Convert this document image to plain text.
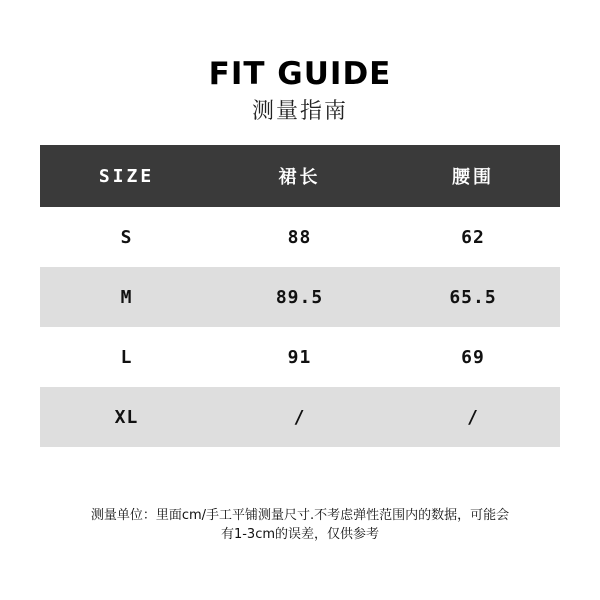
FIT GUIDE
测量指南
SIZE	裙长	腰围
S	88	62
M	89.5	65.5
L	91	69
XL	/	/
测量单位：里面cm/手工平铺测量尺寸.不考虑弹性范围内的数据，可能会
有1-3cm的误差，仅供参考
